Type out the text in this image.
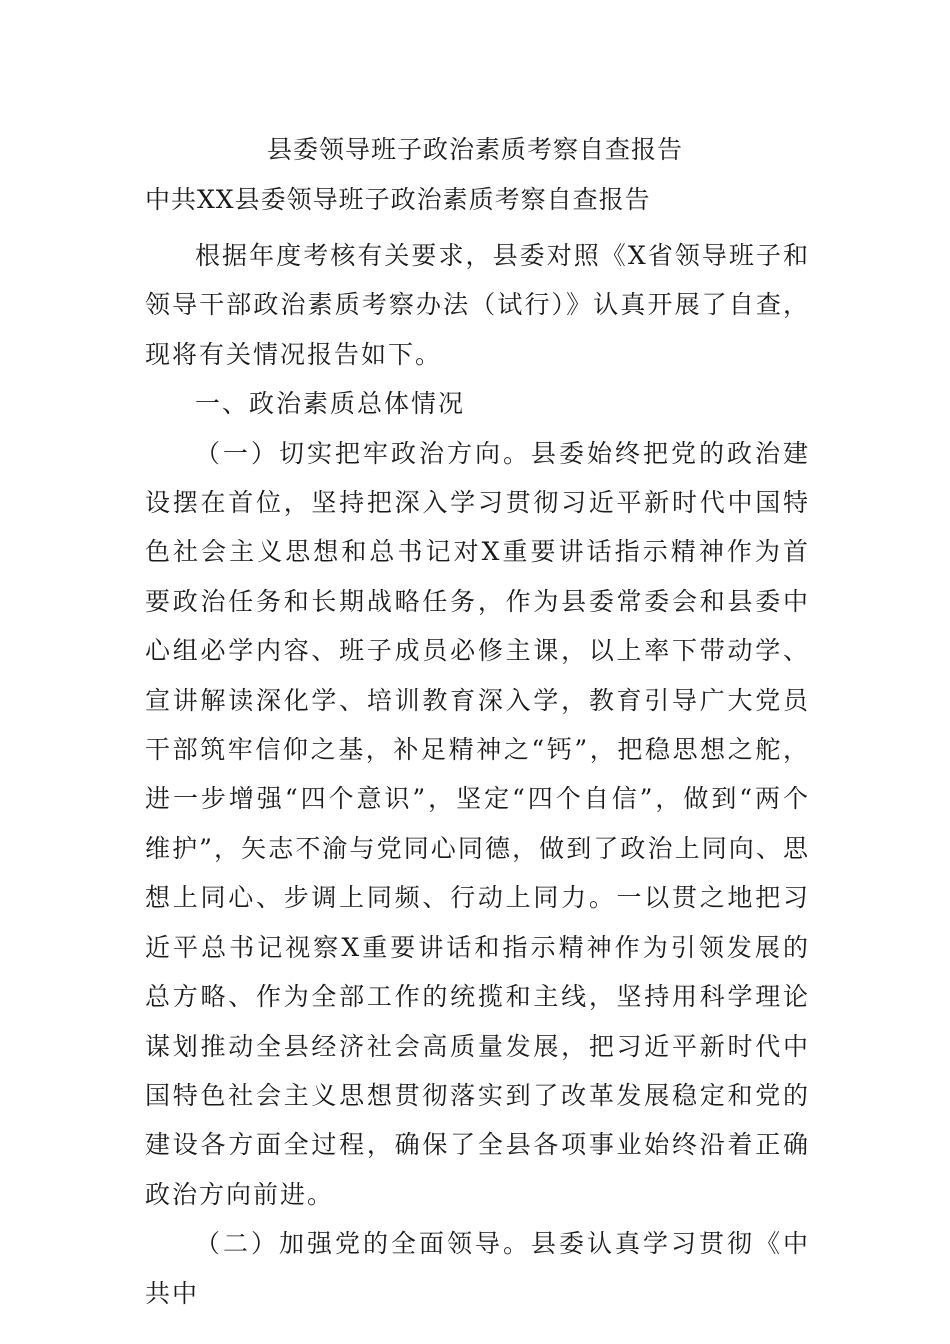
县委领导班子政治素质考察自查报告
中共XX县委领导班子政治素质考察自查报告

根据年度考核有关要求，县委对照《X省领导班子和领导干部政治素质考察办法（试行）》认真开展了自查，现将有关情况报告如下。

一、政治素质总体情况

（一）切实把牢政治方向。县委始终把党的政治建设摆在首位，坚持把深入学习贯彻习近平新时代中国特色社会主义思想和总书记对X重要讲话指示精神作为首要政治任务和长期战略任务，作为县委常委会和县委中心组必学内容、班子成员必修主课，以上率下带动学、宣讲解读深化学、培训教育深入学，教育引导广大党员干部筑牢信仰之基，补足精神之“钙”，把稳思想之舵，进一步增强“四个意识”，坚定“四个自信”，做到“两个维护”，矢志不渝与党同心同德，做到了政治上同向、思想上同心、步调上同频、行动上同力。一以贯之地把习近平总书记视察X重要讲话和指示精神作为引领发展的总方略、作为全部工作的统揽和主线，坚持用科学理论谋划推动全县经济社会高质量发展，把习近平新时代中国特色社会主义思想贯彻落实到了改革发展稳定和党的建设各方面全过程，确保了全县各项事业始终沿着正确政治方向前进。

（二）加强党的全面领导。县委认真学习贯彻《中共中
